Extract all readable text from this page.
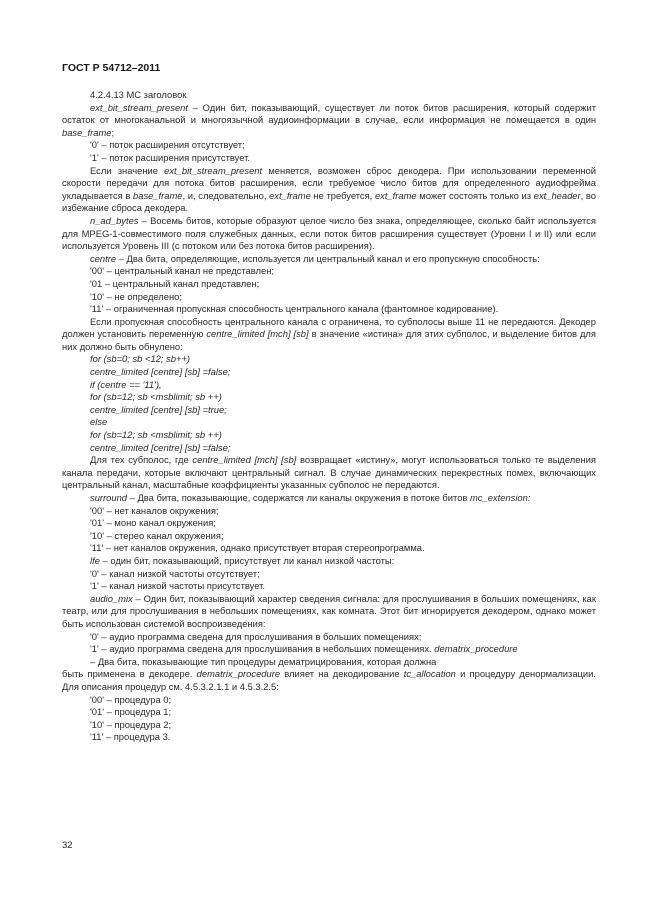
ГОСТ Р 54712–2011

4.2.4.13 МС заголовок

ext_bit_stream_present – Один бит, показывающий, существует ли поток битов расширения, который содержит остаток от многоканальной и многоязычной аудиоинформации в случае, если информация не помещается в один base_frame;

'0' – поток расширения отсутствует;

'1' – поток расширения присутствует.

Если значение ext_bit_stream_present меняется, возможен сброс декодера. При использовании переменной скорости передачи для потока битов расширения, если требуемое число битов для определенного аудиофрейма укладывается в base_frame, и, следовательно, ext_frame не требуется, ext_frame может состоять только из ext_header, во избежание сброса декодера.

n_ad_bytes – Восемь битов, которые образуют целое число без знака, определяющее, сколько байт используется для MPEG-1-совместимого поля служебных данных, если поток битов расширения существует (Уровни I и II) или если используется Уровень III (с потоком или без потока битов расширения).

centre – Два бита, определяющие, используется ли центральный канал и его пропускную способность:

'00' – центральный канал не представлен;

'01 – центральный канал представлен;

'10' – не определено;

'11' – ограниченная пропускная способность центрального канала (фантомное кодирование).

Если пропускная способность центрального канала с ограничена, то субполосы выше 11 не передаются. Декодер должен установить переменную centre_limited [mch] [sb] в значение «истина» для этих субполос, и выделение битов для них должно быть обнулено:

for (sb=0; sb <12; sb++)

centre_limited [centre] [sb] =false;

if (centre == '11'),

for (sb=12; sb <msblimit; sb ++)

centre_limited [centre] [sb] =true;

else

for (sb=12; sb <msblimit; sb ++)

centre_limited [centre] [sb] =false;

Для тех субполос, где centre_limited [mch] [sb] возвращает «истину», могут использоваться только те выделения канала передачи, которые включают центральный сигнал. В случае динамических перекрестных помех, включающих центральный канал, масштабные коэффициенты указанных субполос не передаются.

surround – Два бита, показывающие, содержатся ли каналы окружения в потоке битов mc_extension:

'00' – нет каналов окружения;

'01' – моно канал окружения;

'10' – стерео канал окружения;

'11' – нет каналов окружения, однако присутствует вторая стереопрограмма.

lfe – один бит, показывающий, присутствует ли канал низкой частоты:

'0' – канал низкой частоты отсутствует;

'1' – канал низкой частоты присутствует.

audio_mix – Один бит, показывающий характер сведения сигнала: для прослушивания в больших помещениях, как театр, или для прослушивания в небольших помещениях, как комната. Этот бит игнорируется декодером, однако может быть использован системой воспроизведения:

'0' – аудио программа сведена для прослушивания в больших помещениях;

'1' – аудио программа сведена для прослушивания в небольших помещениях. dematrix_procedure

– Два бита, показывающие тип процедуры дематрицирования, которая должна

быть применена в декодере. dematrix_procedure влияет на декодирование tc_allocation и процедуру денормализации. Для описания процедур см. 4.5.3.2.1.1 и 4.5.3.2.5:

'00' – процедура 0;

'01' – процедура 1;

'10' – процедура 2;

'11' – процедура 3.

32
